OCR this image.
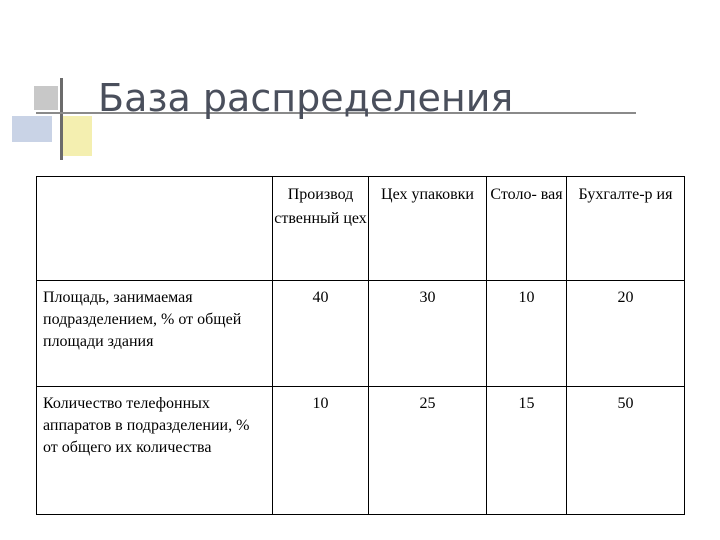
База распределения
	Производ ственный цех	Цех упаковки	Столо- вая	Бухгалте-р ия
Площадь, занимаемая подразделением, % от общей площади здания	40	30	10	20
Количество телефонных аппаратов в подразделении, % от общего их количества	10	25	15	50
